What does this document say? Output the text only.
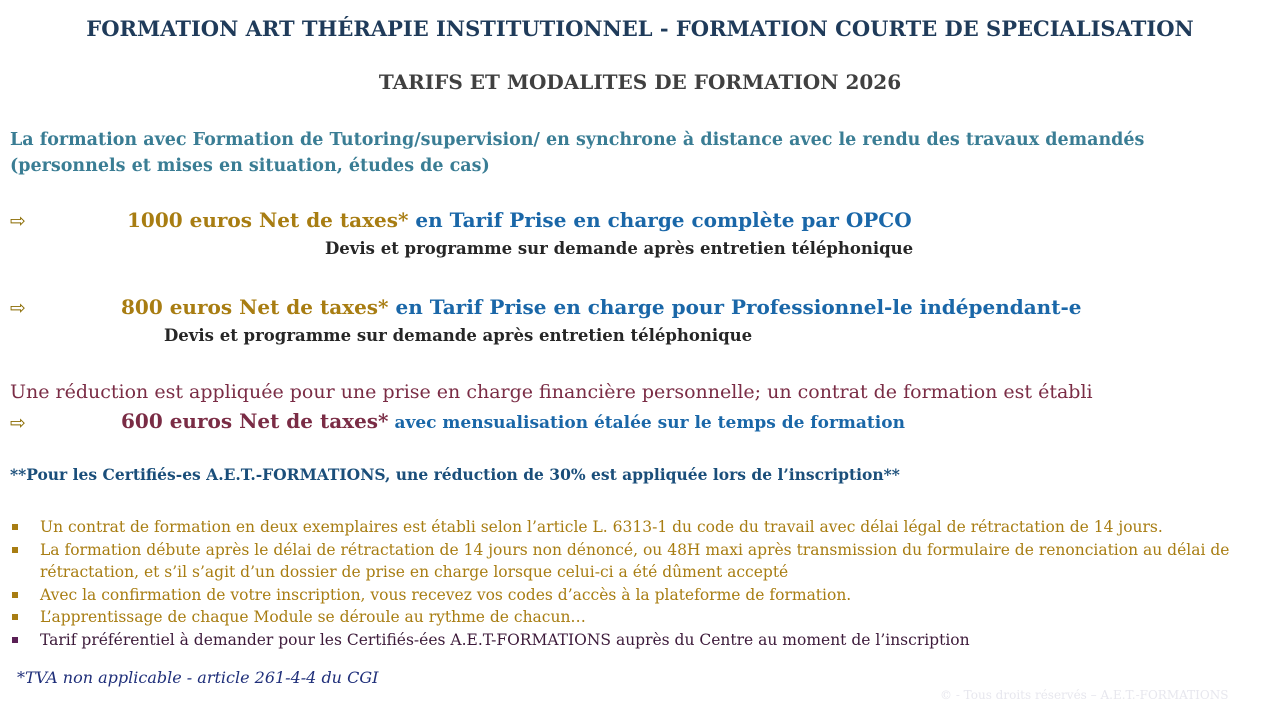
FORMATION ART THÉRAPIE INSTITUTIONNEL - FORMATION COURTE DE SPECIALISATION
TARIFS ET MODALITES DE FORMATION 2026
La formation avec Formation de Tutoring/supervision/ en synchrone à distance avec le rendu des travaux demandés (personnels et mises en situation, études de cas)
⇨	1000 euros Net de taxes* en Tarif Prise en charge complète par OPCO
Devis et programme sur demande après entretien téléphonique
⇨	800 euros Net de taxes* en Tarif Prise en charge pour Professionnel-le indépendant-e
Devis et programme sur demande après entretien téléphonique
Une réduction est appliquée pour une prise en charge financière personnelle; un contrat de formation est établi
⇨	600 euros Net de taxes* avec mensualisation étalée sur le temps de formation
**Pour les Certifiés-es A.E.T.-FORMATIONS, une réduction de 30% est appliquée lors de l’inscription**
Un contrat de formation en deux exemplaires est établi selon l’article L. 6313-1 du code du travail avec délai légal de rétractation de 14 jours.
La formation débute après le délai de rétractation de 14 jours non dénoncé, ou 48H maxi après transmission du formulaire de renonciation au délai de rétractation, et s’il s’agit d’un dossier de prise en charge lorsque celui-ci a été dûment accepté
Avec la confirmation de votre inscription, vous recevez vos codes d’accès à la plateforme de formation.
L’apprentissage de chaque Module se déroule au rythme de chacun…
Tarif préférentiel à demander pour les Certifiés-ées A.E.T-FORMATIONS auprès du Centre au moment de l’inscription
*TVA non applicable - article 261-4-4 du CGI
© - Tous droits réservés – A.E.T.-FORMATIONS
